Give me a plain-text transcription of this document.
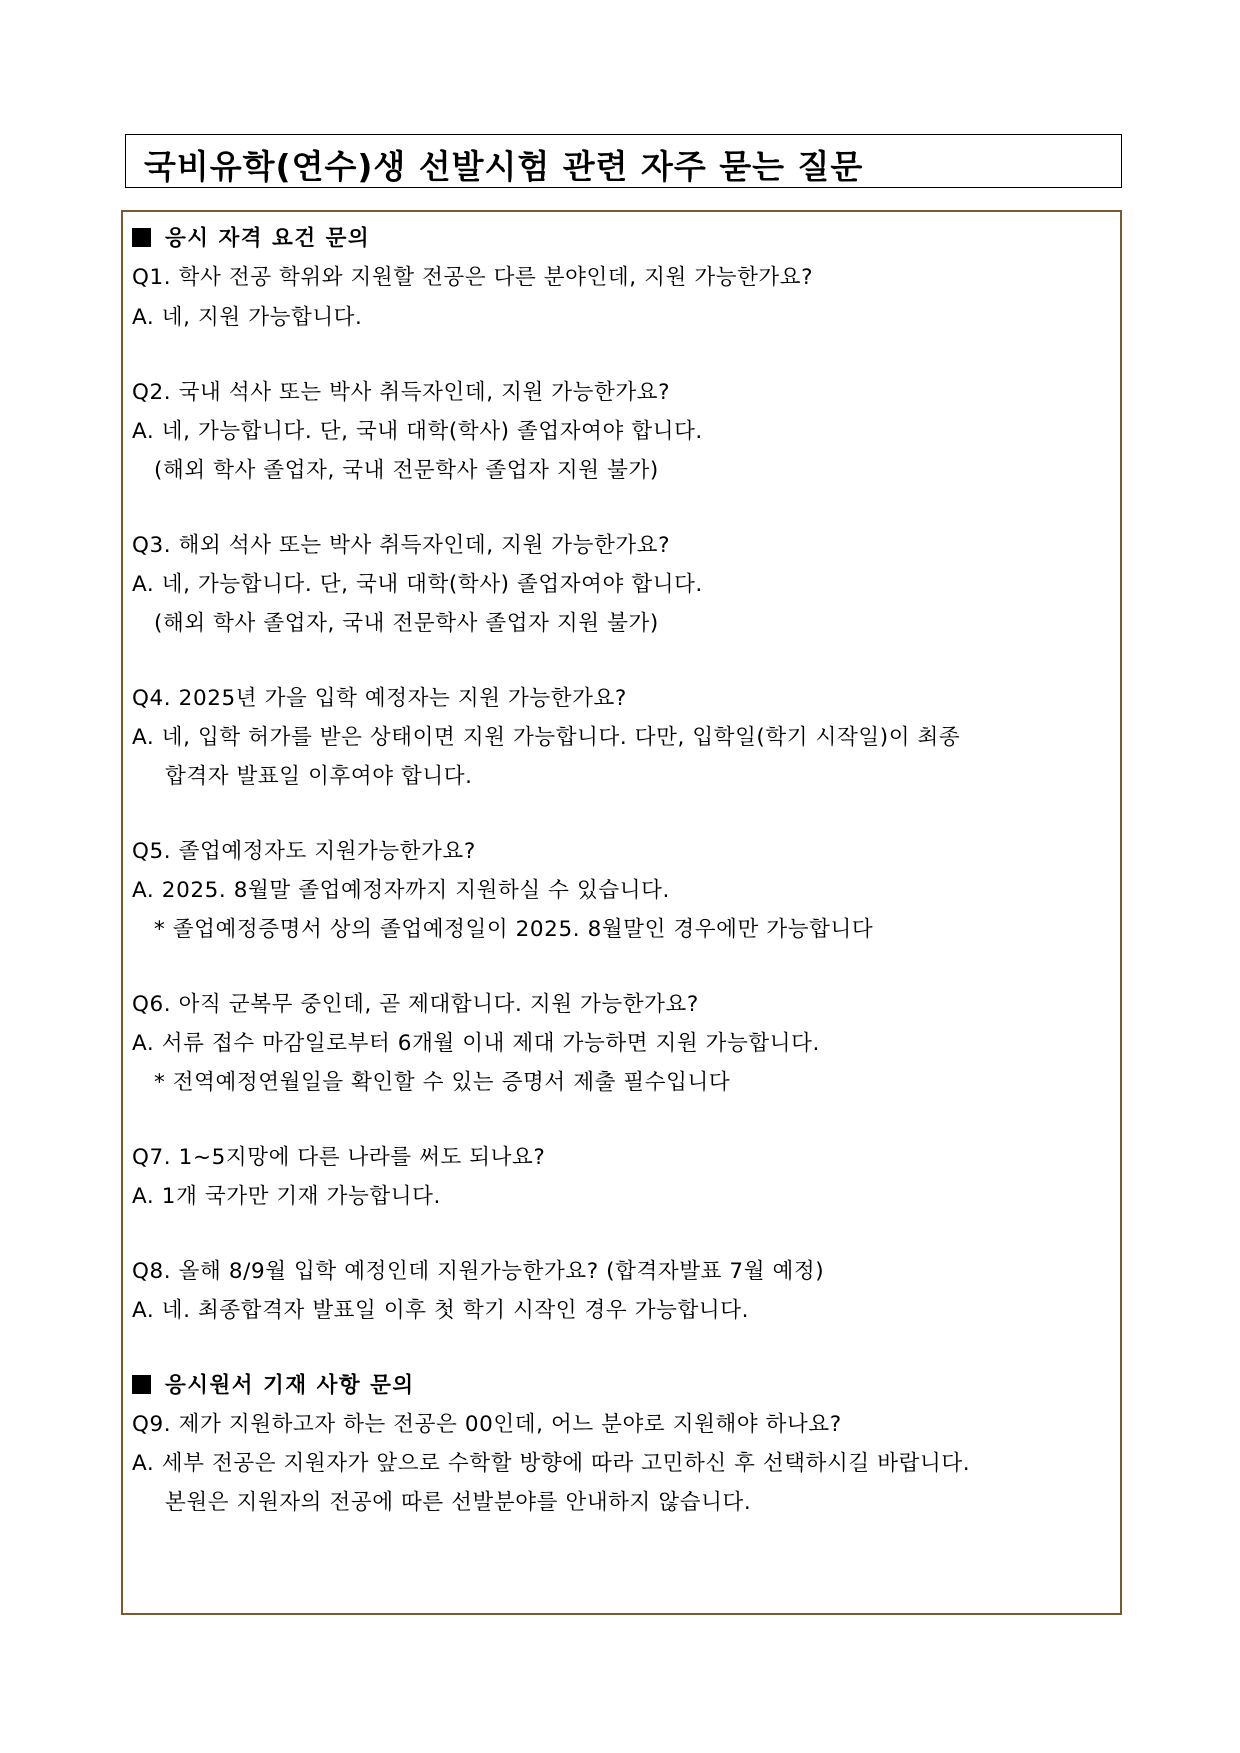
국비유학(연수)생 선발시험 관련 자주 묻는 질문
응시 자격 요건 문의
Q1. 학사 전공 학위와 지원할 전공은 다른 분야인데, 지원 가능한가요?
A. 네, 지원 가능합니다.
Q2. 국내 석사 또는 박사 취득자인데, 지원 가능한가요?
A. 네, 가능합니다. 단, 국내 대학(학사) 졸업자여야 합니다.
(해외 학사 졸업자, 국내 전문학사 졸업자 지원 불가)
Q3. 해외 석사 또는 박사 취득자인데, 지원 가능한가요?
A. 네, 가능합니다. 단, 국내 대학(학사) 졸업자여야 합니다.
(해외 학사 졸업자, 국내 전문학사 졸업자 지원 불가)
Q4. 2025년 가을 입학 예정자는 지원 가능한가요?
A. 네, 입학 허가를 받은 상태이면 지원 가능합니다. 다만, 입학일(학기 시작일)이 최종
합격자 발표일 이후여야 합니다.
Q5. 졸업예정자도 지원가능한가요?
A. 2025. 8월말 졸업예정자까지 지원하실 수 있습니다.
* 졸업예정증명서 상의 졸업예정일이 2025. 8월말인 경우에만 가능합니다
Q6. 아직 군복무 중인데, 곧 제대합니다. 지원 가능한가요?
A. 서류 접수 마감일로부터 6개월 이내 제대 가능하면 지원 가능합니다.
* 전역예정연월일을 확인할 수 있는 증명서 제출 필수입니다
Q7. 1~5지망에 다른 나라를 써도 되나요?
A. 1개 국가만 기재 가능합니다.
Q8. 올해 8/9월 입학 예정인데 지원가능한가요? (합격자발표 7월 예정)
A. 네. 최종합격자 발표일 이후 첫 학기 시작인 경우 가능합니다.
응시원서 기재 사항 문의
Q9. 제가 지원하고자 하는 전공은 00인데, 어느 분야로 지원해야 하나요?
A. 세부 전공은 지원자가 앞으로 수학할 방향에 따라 고민하신 후 선택하시길 바랍니다.
본원은 지원자의 전공에 따른 선발분야를 안내하지 않습니다.
